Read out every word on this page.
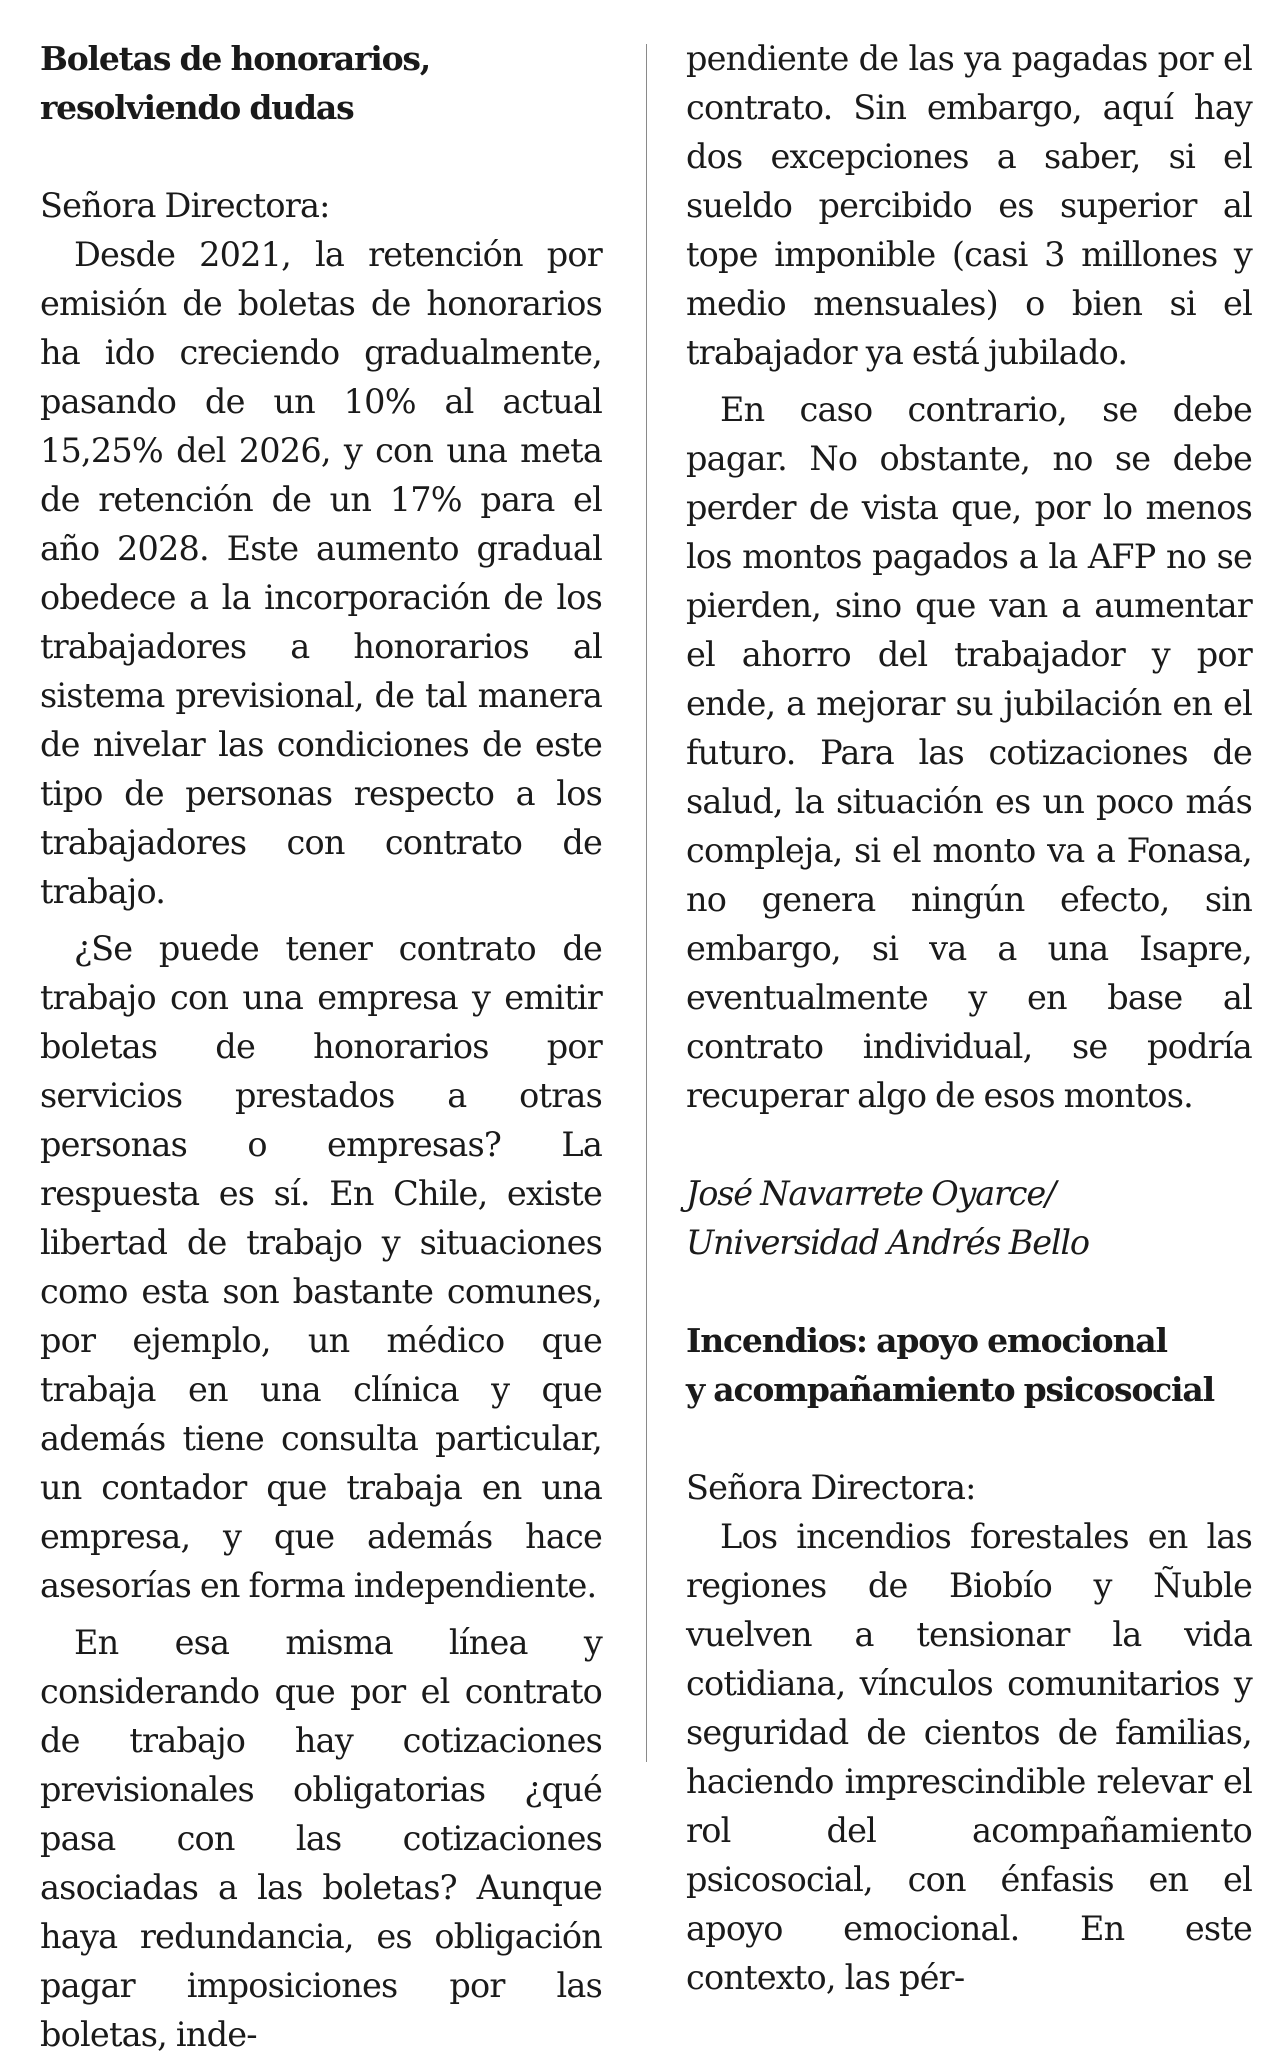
Boletas de honorarios,
resolviendo dudas
Señora Directora:

Desde 2021, la retención por emisión de boletas de honorarios ha ido creciendo gradualmente, pasando de un 10% al actual 15,25% del 2026, y con una meta de retención de un 17% para el año 2028. Este aumento gradual obedece a la incorporación de los trabajadores a honorarios al sistema previsional, de tal manera de nivelar las condiciones de este tipo de personas respecto a los trabajadores con contrato de trabajo.

¿Se puede tener contrato de trabajo con una empresa y emitir boletas de honorarios por servicios prestados a otras personas o empresas? La respuesta es sí. En Chile, existe libertad de trabajo y situaciones como esta son bastante comunes, por ejemplo, un médico que trabaja en una clínica y que además tiene consulta particular, un contador que trabaja en una empresa, y que además hace asesorías en forma independiente.

En esa misma línea y considerando que por el contrato de trabajo hay cotizaciones previsionales obligatorias ¿qué pasa con las cotizaciones asociadas a las boletas? Aunque haya redundancia, es obligación pagar imposiciones por las boletas, inde-

pendiente de las ya pagadas por el contrato. Sin embargo, aquí hay dos excepciones a saber, si el sueldo percibido es superior al tope imponible (casi 3 millones y medio mensuales) o bien si el trabajador ya está jubilado.

En caso contrario, se debe pagar. No obstante, no se debe perder de vista que, por lo menos los montos pagados a la AFP no se pierden, sino que van a aumentar el ahorro del trabajador y por ende, a mejorar su jubilación en el futuro. Para las cotizaciones de salud, la situación es un poco más compleja, si el monto va a Fonasa, no genera ningún efecto, sin embargo, si va a una Isapre, eventualmente y en base al contrato individual, se podría recuperar algo de esos montos.

José Navarrete Oyarce/
Universidad Andrés Bello
Incendios: apoyo emocional
y acompañamiento psicosocial
Señora Directora:

Los incendios forestales en las regiones de Biobío y Ñuble vuelven a tensionar la vida cotidiana, vínculos comunitarios y seguridad de cientos de familias, haciendo imprescindible relevar el rol del acompañamiento psicosocial, con énfasis en el apoyo emocional. En este contexto, las pér-
